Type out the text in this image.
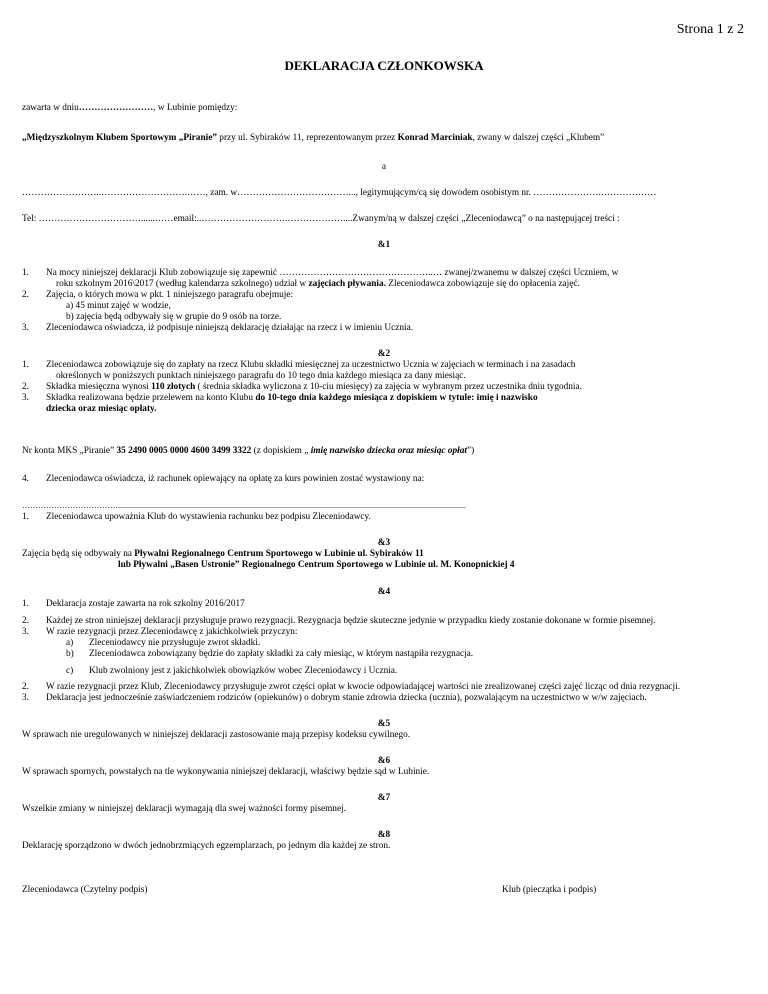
Strona 1 z 2
DEKLARACJA CZŁONKOWSKA
zawarta w dniu……………………, w Lubinie pomiędzy:
„Międzyszkolnym Klubem Sportowym „Piranie” przy ul. Sybiraków 11, reprezentowanym przez Konrad Marciniak, zwany w dalszej części „Klubem”
a
……………………..……………………….……, zam. w………………………………..., legitymującym/cą się dowodem osobistym nr. ………………….………………
Tel: ……………………………......……email:..……………………….………………....Zwanym/ną w dalszej części „Zleceniodawcą” o na następującej treści :
&1
1. Na mocy niniejszej deklaracji Klub zobowiązuje się zapewnić …………………………………………..… zwanej/zwanemu w dalszej części Uczniem, w
roku szkolnym 2016\2017 (według kalendarza szkolnego) udział w zajęciach pływania. Zleceniodawca zobowiązuje się do opłacenia zajęć.
2. Zajęcia, o których mowa w pkt. 1 niniejszego paragrafu obejmuje:
a) 45 minut zajęć w wodzie,
b) zajęcia będą odbywały się w grupie do 9 osób na torze.
3. Zleceniodawca oświadcza, iż podpisuje niniejszą deklarację działając na rzecz i w imieniu Ucznia.
&2
1. Zleceniodawca zobowiązuje się do zapłaty na rzecz Klubu składki miesięcznej za uczestnictwo Ucznia w zajęciach w terminach i na zasadach
określonych w poniższych punktach niniejszego paragrafu do 10 tego dnia każdego miesiąca za dany miesiąc.
2. Składka miesięczna wynosi 110 złotych ( średnia składka wyliczona z 10-ciu miesięcy) za zajęcia w wybranym przez uczestnika dniu tygodnia.
3. Składka realizowana będzie przelewem na konto Klubu do 10-tego dnia każdego miesiąca z dopiskiem w tytule: imię i nazwisko
dziecka oraz miesiąc opłaty.
Nr konta MKS „Piranie” 35 2490 0005 0000 4600 3499 3322 (z dopiskiem „ imię nazwisko dziecka oraz miesiąc opłat”)
4. Zleceniodawca oświadcza, iż rachunek opiewający na opłatę za kurs powinien zostać wystawiony na:
………………………………..............................................................................................................................................................................
1. Zleceniodawca upoważnia Klub do wystawienia rachunku bez podpisu Zleceniodawcy.
&3
Zajęcia będą się odbywały na Pływalni Regionalnego Centrum Sportowego w Lubinie ul. Sybiraków 11
lub Pływalni „Basen Ustronie” Regionalnego Centrum Sportowego w Lubinie ul. M. Konopnickiej 4
&4
1. Deklaracja zostaje zawarta na rok szkolny 2016/2017
2. Każdej ze stron niniejszej deklaracji przysługuje prawo rezygnacji. Rezygnacja będzie skuteczne jedynie w przypadku kiedy zostanie dokonane w formie pisemnej.
3. W razie rezygnacji przez Zleceniodawcę z jakichkolwiek przyczyn:
a) Zleceniodawcy nie przysługuje zwrot składki.
b) Zleceniodawca zobowiązany będzie do zapłaty składki za cały miesiąc, w którym nastąpiła rezygnacja.
c) Klub zwolniony jest z jakichkolwiek obowiązków wobec Zleceniodawcy i Ucznia.
2. W razie rezygnacji przez Klub, Zleceniodawcy przysługuje zwrot części opłat w kwocie odpowiadającej wartości nie zrealizowanej części zajęć licząc od dnia rezygnacji.
3. Deklaracja jest jednocześnie zaświadczeniem rodziców (opiekunów) o dobrym stanie zdrowia dziecka (ucznia), pozwalającym na uczestnictwo w w/w zajęciach.
&5
W sprawach nie uregulowanych w niniejszej deklaracji zastosowanie mają przepisy kodeksu cywilnego.
&6
W sprawach spornych, powstałych na tle wykonywania niniejszej deklaracji, właściwy będzie sąd w Lubinie.
&7
Wszelkie zmiany w niniejszej deklaracji wymagają dla swej ważności formy pisemnej.
&8
Deklarację sporządzono w dwóch jednobrzmiących egzemplarzach, po jednym dla każdej ze stron.
Zleceniodawca (Czytelny podpis)	Klub (pieczątka i podpis)
